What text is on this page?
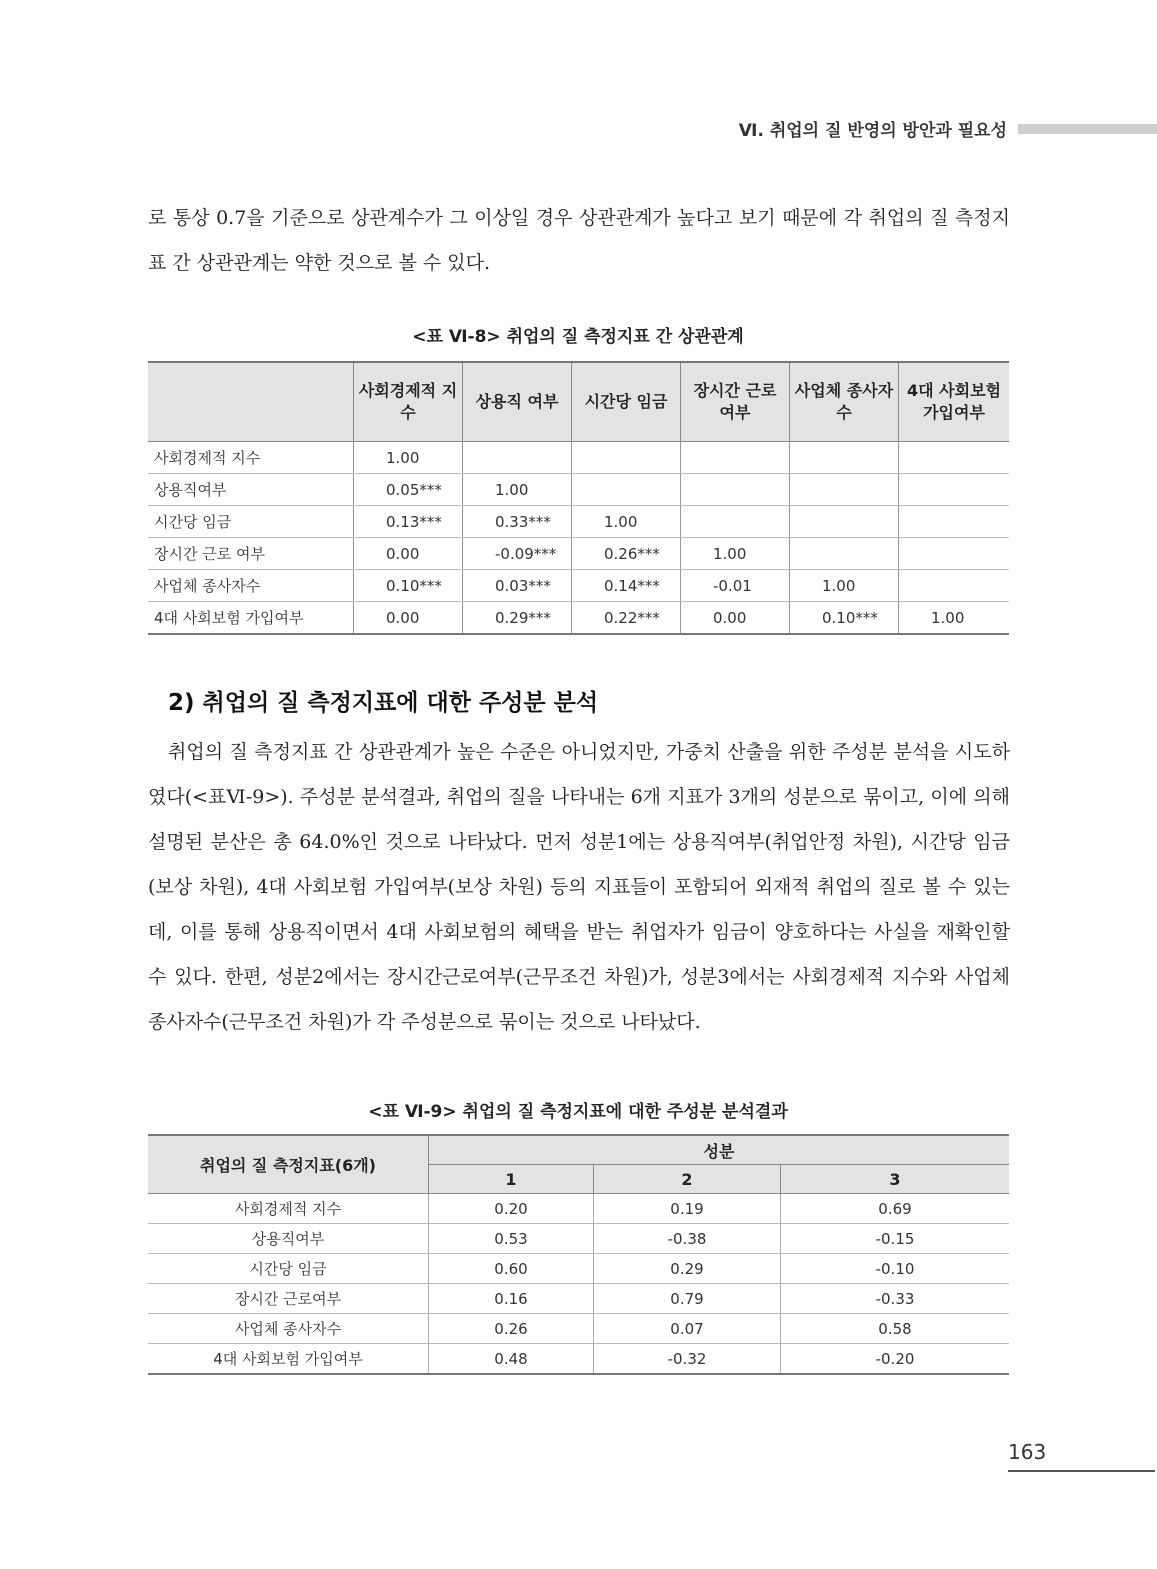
Ⅵ. 취업의 질 반영의 방안과 필요성

로 통상 0.7을 기준으로 상관계수가 그 이상일 경우 상관관계가 높다고 보기 때문에 각 취업의 질 측정지표 간 상관관계는 약한 것으로 볼 수 있다.

<표 Ⅵ-8> 취업의 질 측정지표 간 상관관계
	사회경제적 지수	상용직 여부	시간당 임금	장시간 근로 여부	사업체 종사자수	4대 사회보험 가입여부
사회경제적 지수	1.00					
상용직여부	0.05***	1.00				
시간당 임금	0.13***	0.33***	1.00			
장시간 근로 여부	0.00	-0.09***	0.26***	1.00		
사업체 종사자수	0.10***	0.03***	0.14***	-0.01	1.00	
4대 사회보험 가입여부	0.00	0.29***	0.22***	0.00	0.10***	1.00
2) 취업의 질 측정지표에 대한 주성분 분석

취업의 질 측정지표 간 상관관계가 높은 수준은 아니었지만, 가중치 산출을 위한 주성분 분석을 시도하였다(<표Ⅵ-9>). 주성분 분석결과, 취업의 질을 나타내는 6개 지표가 3개의 성분으로 묶이고, 이에 의해 설명된 분산은 총 64.0%인 것으로 나타났다. 먼저 성분1에는 상용직여부(취업안정 차원), 시간당 임금(보상 차원), 4대 사회보험 가입여부(보상 차원) 등의 지표들이 포함되어 외재적 취업의 질로 볼 수 있는데, 이를 통해 상용직이면서 4대 사회보험의 혜택을 받는 취업자가 임금이 양호하다는 사실을 재확인할 수 있다. 한편, 성분2에서는 장시간근로여부(근무조건 차원)가, 성분3에서는 사회경제적 지수와 사업체 종사자수(근무조건 차원)가 각 주성분으로 묶이는 것으로 나타났다.

<표 Ⅵ-9> 취업의 질 측정지표에 대한 주성분 분석결과
취업의 질 측정지표(6개)	성분		
	1	2	3
사회경제적 지수	0.20	0.19	0.69
상용직여부	0.53	-0.38	-0.15
시간당 임금	0.60	0.29	-0.10
장시간 근로여부	0.16	0.79	-0.33
사업체 종사자수	0.26	0.07	0.58
4대 사회보험 가입여부	0.48	-0.32	-0.20
163
